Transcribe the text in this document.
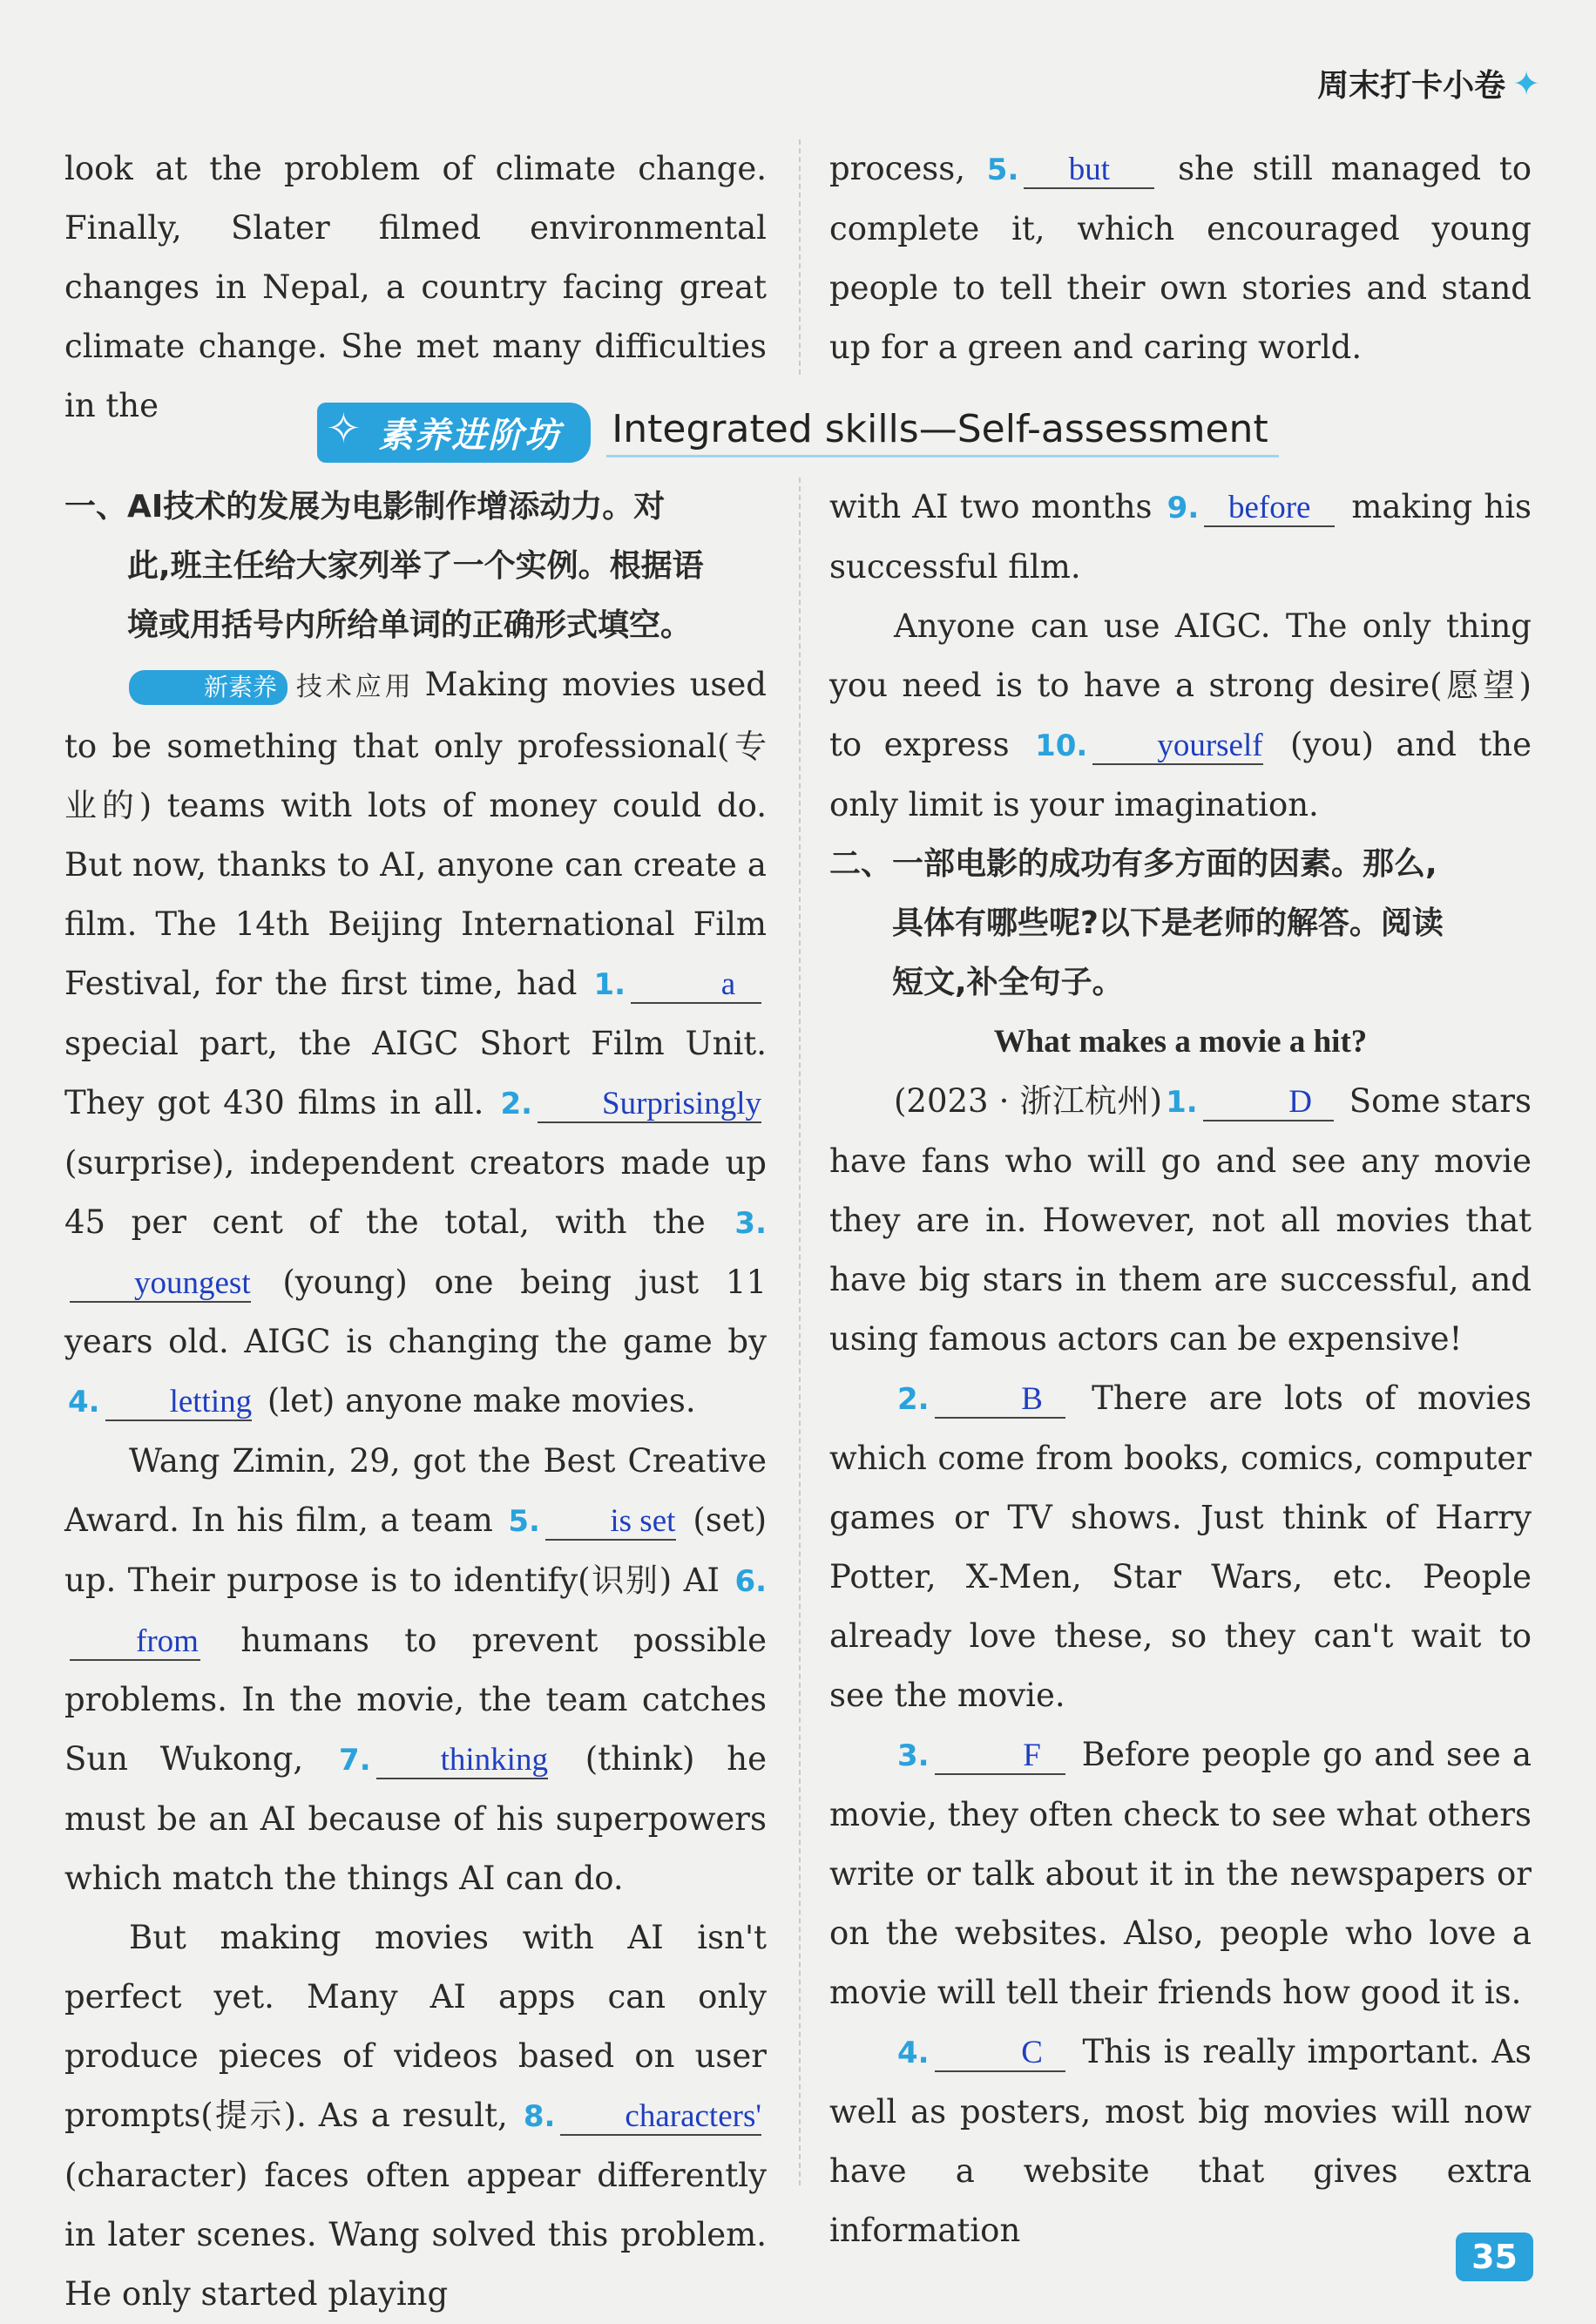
周末打卡小卷 ✦

look at the problem of climate change. Finally, Slater filmed environmental changes in Nepal, a country facing great climate change. She met many difficulties in the

process, 5. but she still managed to complete it, which encouraged young people to tell their own stories and stand up for a green and caring world.

✧ 素养进阶坊	Integrated skills—Self-assessment
一、AI技术的发展为电影制作增添动力。对
此,班主任给大家列举了一个实例。根据语
境或用括号内所给单词的正确形式填空。

新素养 技术应用 Making movies used to be something that only professional(专业的) teams with lots of money could do. But now, thanks to AI, anyone can create a film. The 14th Beijing International Film Festival, for the first time, had 1.	a special part, the AIGC Short Film Unit. They got 430 films in all. 2. Surprisingly (surprise), independent creators made up 45 per cent of the total, with the 3.youngest (young) one being just 11 years old. AIGC is changing the game by 4. letting (let) anyone make movies.

Wang Zimin, 29, got the Best Creative Award. In his film, a team 5. is set (set) up. Their purpose is to identify(识别) AI 6.from humans to prevent possible problems. In the movie, the team catches Sun Wukong, 7. thinking (think) he must be an AI because of his superpowers which match the things AI can do.

But making movies with AI isn't perfect yet. Many AI apps can only produce pieces of videos based on user prompts(提示). As a result, 8. characters' (character) faces often appear differently in later scenes. Wang solved this problem. He only started playing

with AI two months 9. before making his successful film.

Anyone can use AIGC. The only thing you need is to have a strong desire(愿望) to express 10. yourself (you) and the only limit is your imagination.

二、一部电影的成功有多方面的因素。那么,
具体有哪些呢?以下是老师的解答。阅读
短文,补全句子。
What makes a movie a hit?

(2023 · 浙江杭州) 1.	D Some stars have fans who will go and see any movie they are in. However, not all movies that have big stars in them are successful, and using famous actors can be expensive!

2.	B There are lots of movies which come from books, comics, computer games or TV shows. Just think of Harry Potter, X-Men, Star Wars, etc. People already love these, so they can't wait to see the movie.

3.	F Before people go and see a movie, they often check to see what others write or talk about it in the newspapers or on the websites. Also, people who love a movie will tell their friends how good it is.

4.	C This is really important. As well as posters, most big movies will now have a website that gives extra information

35
